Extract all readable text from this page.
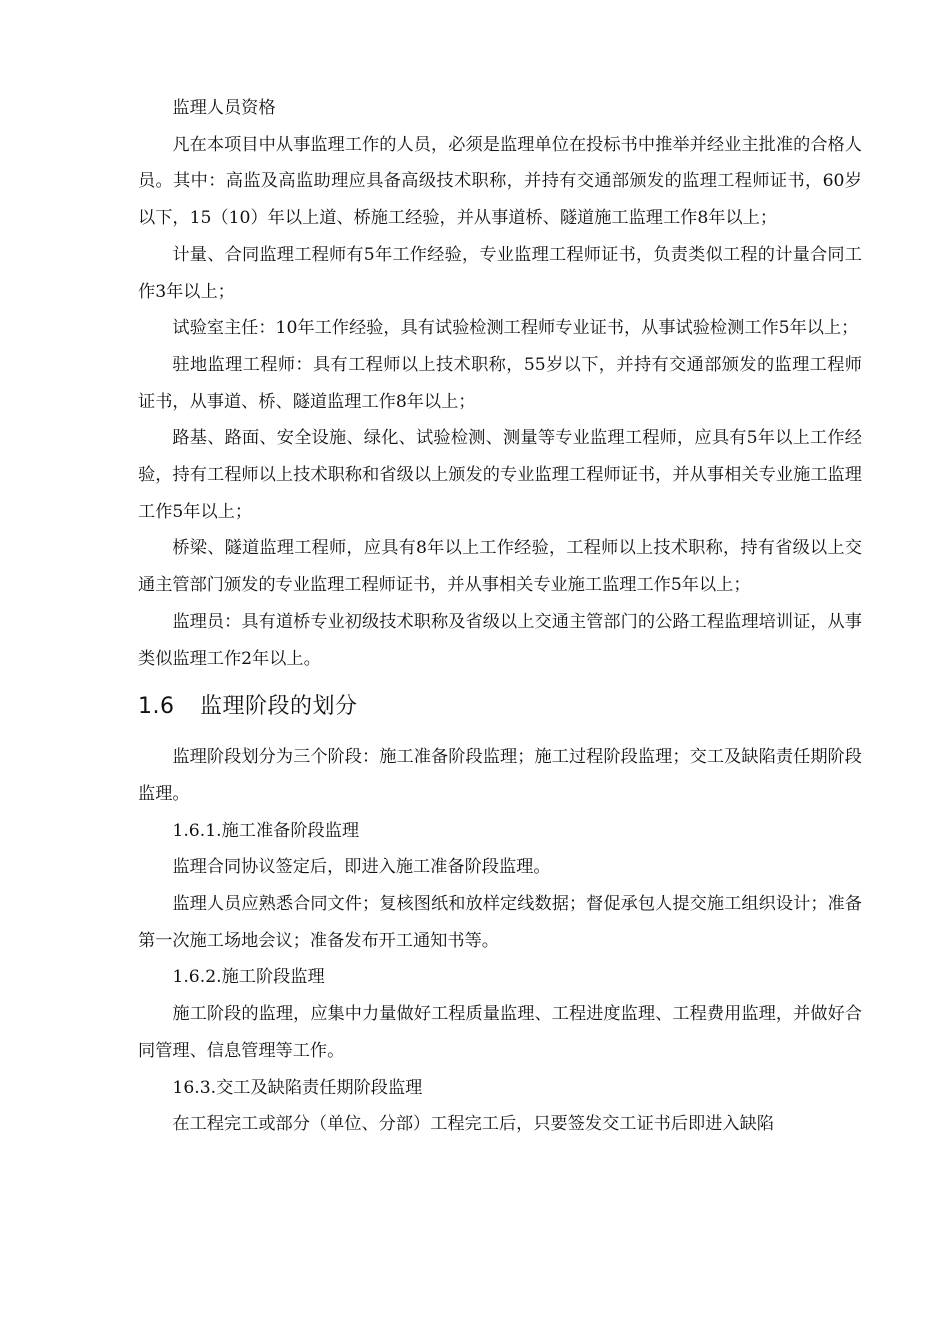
监理人员资格

凡在本项目中从事监理工作的人员，必须是监理单位在投标书中推举并经业主批准的合格人员。其中：高监及高监助理应具备高级技术职称，并持有交通部颁发的监理工程师证书，60岁以下，15（10）年以上道、桥施工经验，并从事道桥、隧道施工监理工作8年以上；

计量、合同监理工程师有5年工作经验，专业监理工程师证书，负责类似工程的计量合同工作3年以上；

试验室主任：10年工作经验，具有试验检测工程师专业证书，从事试验检测工作5年以上；

驻地监理工程师：具有工程师以上技术职称，55岁以下，并持有交通部颁发的监理工程师证书，从事道、桥、隧道监理工作8年以上；

路基、路面、安全设施、绿化、试验检测、测量等专业监理工程师，应具有5年以上工作经验，持有工程师以上技术职称和省级以上颁发的专业监理工程师证书，并从事相关专业施工监理工作5年以上；

桥梁、隧道监理工程师，应具有8年以上工作经验，工程师以上技术职称，持有省级以上交通主管部门颁发的专业监理工程师证书，并从事相关专业施工监理工作5年以上；

监理员：具有道桥专业初级技术职称及省级以上交通主管部门的公路工程监理培训证，从事类似监理工作2年以上。

1.6 监理阶段的划分

监理阶段划分为三个阶段：施工准备阶段监理；施工过程阶段监理；交工及缺陷责任期阶段监理。

1.6.1.施工准备阶段监理

监理合同协议签定后，即进入施工准备阶段监理。

监理人员应熟悉合同文件；复核图纸和放样定线数据；督促承包人提交施工组织设计；准备第一次施工场地会议；准备发布开工通知书等。

1.6.2.施工阶段监理

施工阶段的监理，应集中力量做好工程质量监理、工程进度监理、工程费用监理，并做好合同管理、信息管理等工作。

16.3.交工及缺陷责任期阶段监理

在工程完工或部分（单位、分部）工程完工后，只要签发交工证书后即进入缺陷
